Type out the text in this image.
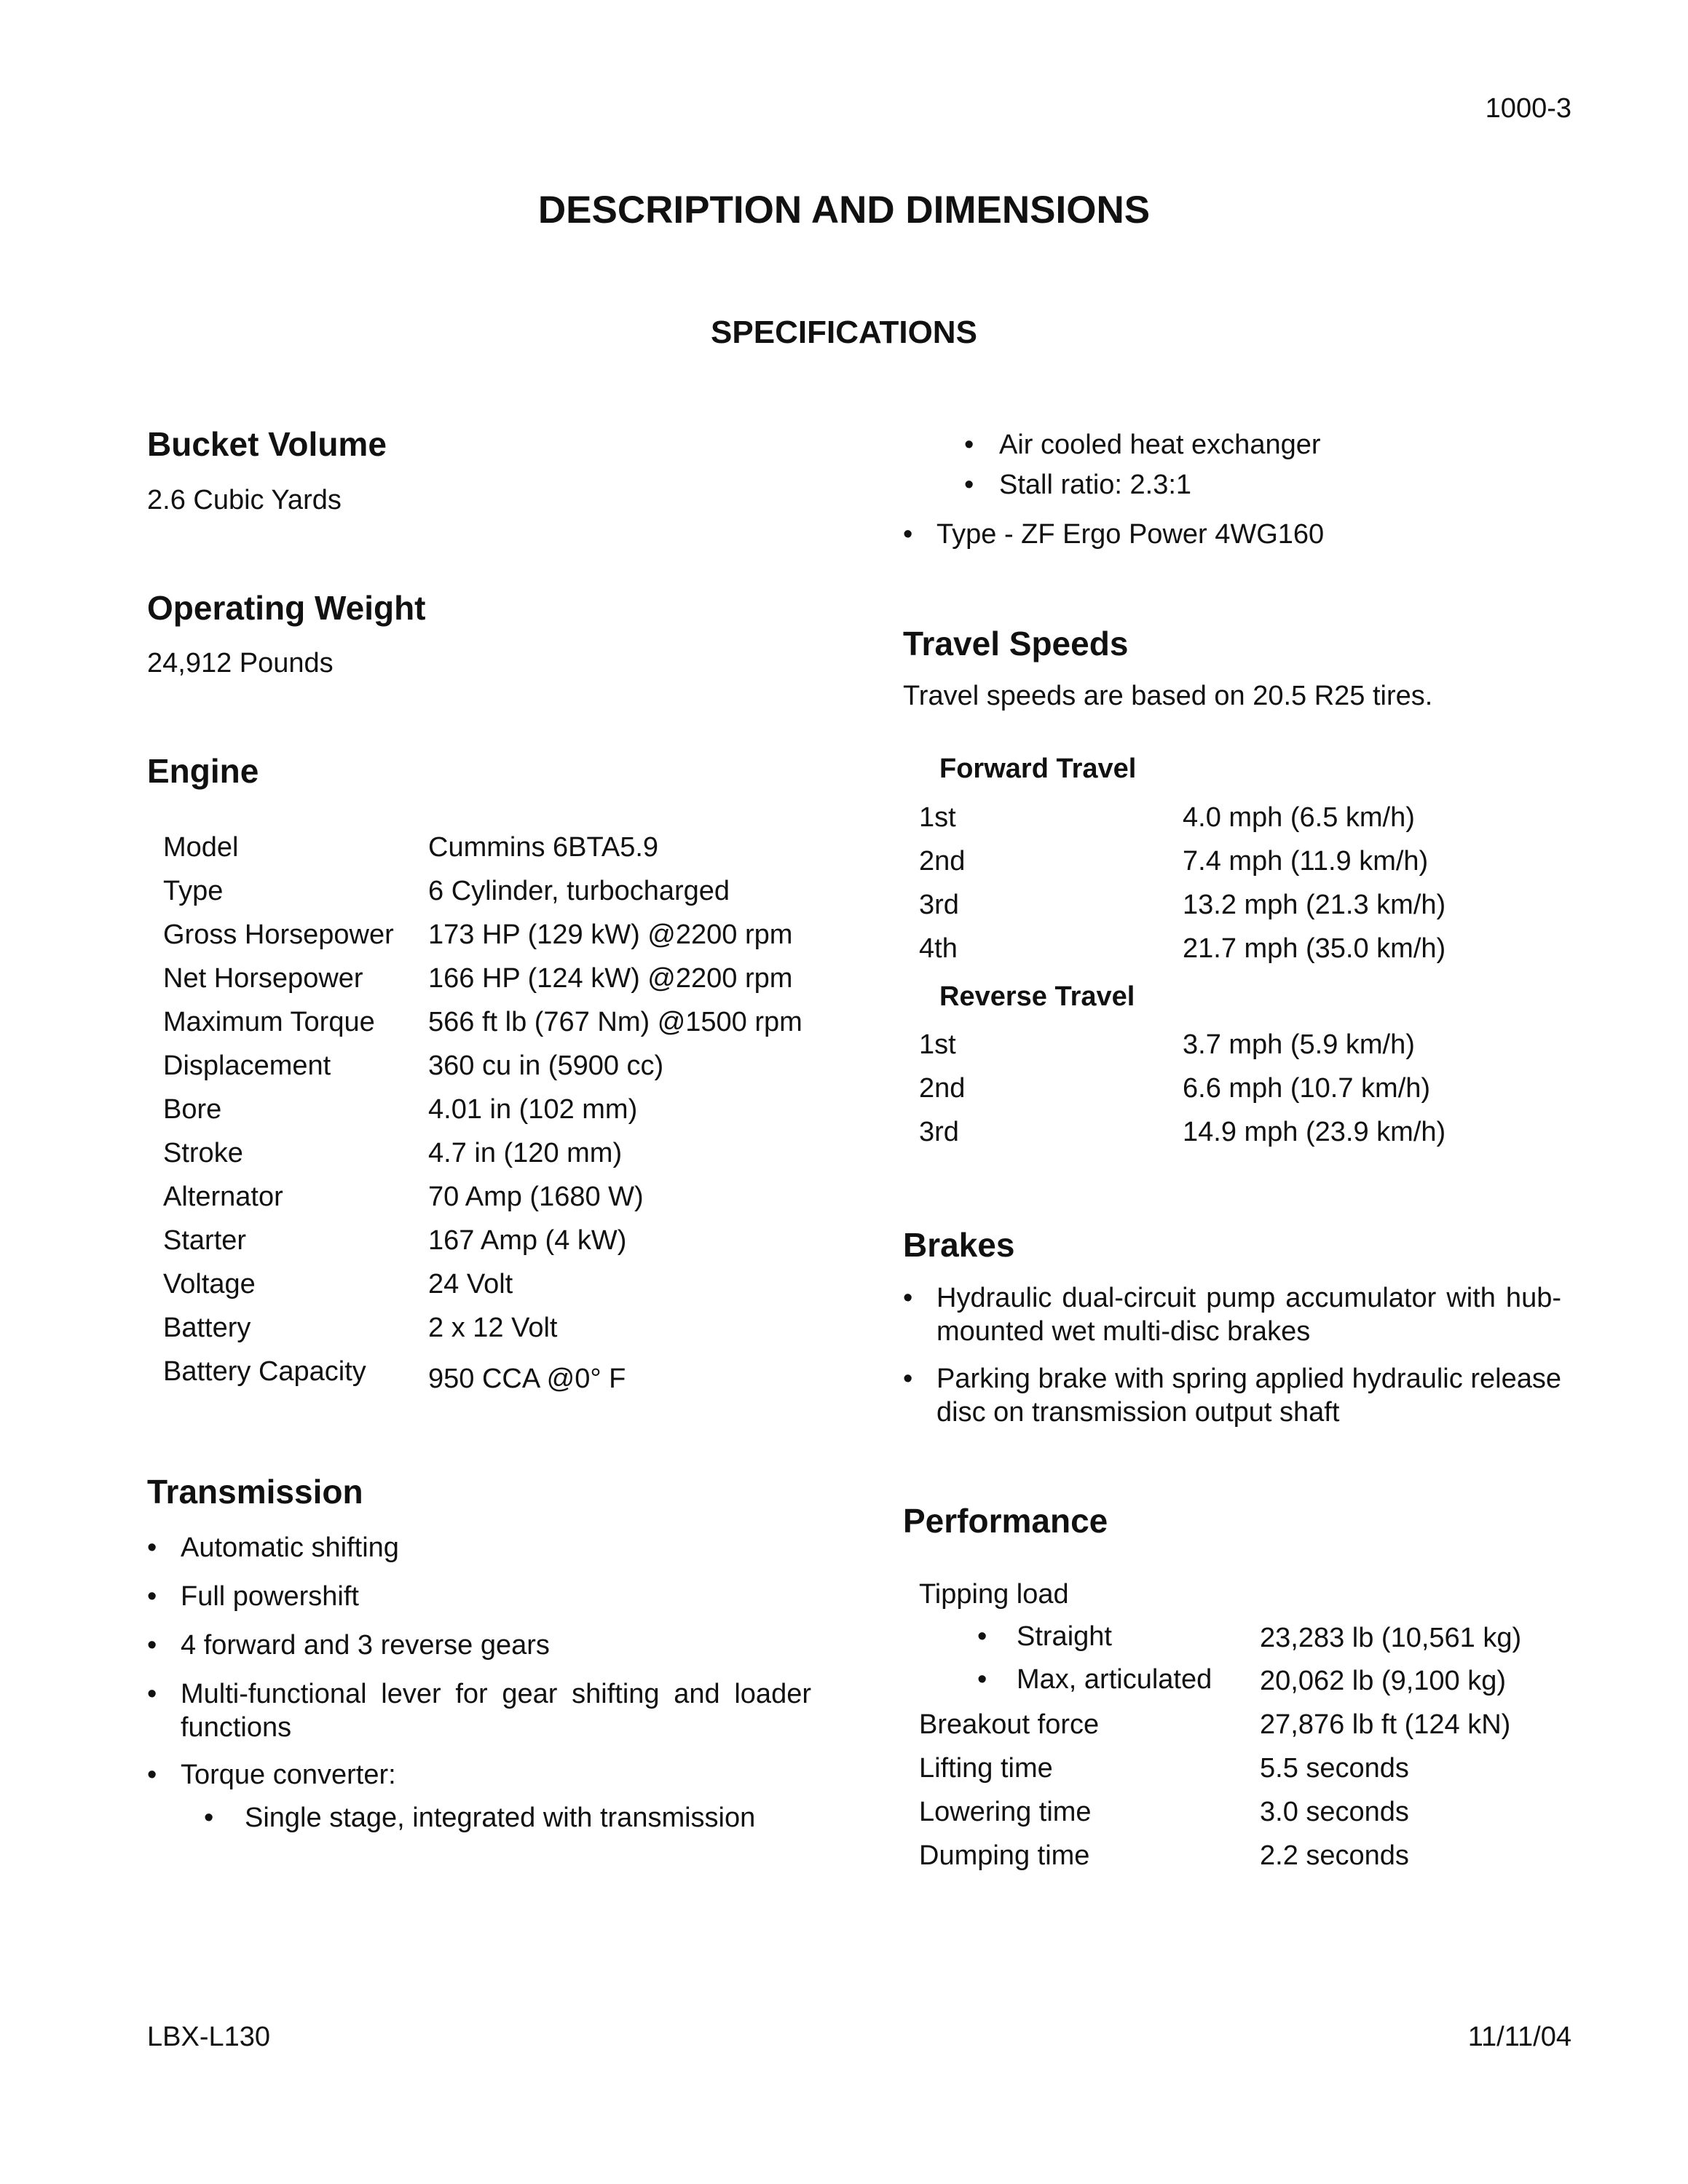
1000-3
DESCRIPTION AND DIMENSIONS
SPECIFICATIONS
Bucket Volume
2.6 Cubic Yards
Operating Weight
24,912 Pounds
Engine
Model	Cummins 6BTA5.9
Type	6 Cylinder, turbocharged
Gross Horsepower 173 HP (129 kW) @2200 rpm
Net Horsepower 166 HP (124 kW) @2200 rpm
Maximum Torque 566 ft lb (767 Nm) @1500 rpm
Displacement	360 cu in (5900 cc)
Bore	4.01 in (102 mm)
Stroke	4.7 in (120 mm)
Alternator	70 Amp (1680 W)
Starter	167 Amp (4 kW)
Voltage	24 Volt
Battery	2 x 12 Volt
Battery Capacity 950 CCA @0° F
Transmission
• Automatic shifting
• Full powershift
• 4 forward and 3 reverse gears
• Multi-functional lever for gear shifting and loader functions
• Torque converter:
• Single stage, integrated with transmission
• Air cooled heat exchanger
• Stall ratio: 2.3:1
• Type - ZF Ergo Power 4WG160
Travel Speeds
Travel speeds are based on 20.5 R25 tires.
Forward Travel
1st	4.0 mph (6.5 km/h)
2nd	7.4 mph (11.9 km/h)
3rd	13.2 mph (21.3 km/h)
4th	21.7 mph (35.0 km/h)
Reverse Travel
1st	3.7 mph (5.9 km/h)
2nd	6.6 mph (10.7 km/h)
3rd	14.9 mph (23.9 km/h)
Brakes
• Hydraulic dual-circuit pump accumulator with hub-mounted wet multi-disc brakes
• Parking brake with spring applied hydraulic release disc on transmission output shaft
Performance
Tipping load
• Straight	23,283 lb (10,561 kg)
• Max, articulated 20,062 lb (9,100 kg)
Breakout force	27,876 lb ft (124 kN)
Lifting time	5.5 seconds
Lowering time	3.0 seconds
Dumping time	2.2 seconds
LBX-L130	11/11/04
